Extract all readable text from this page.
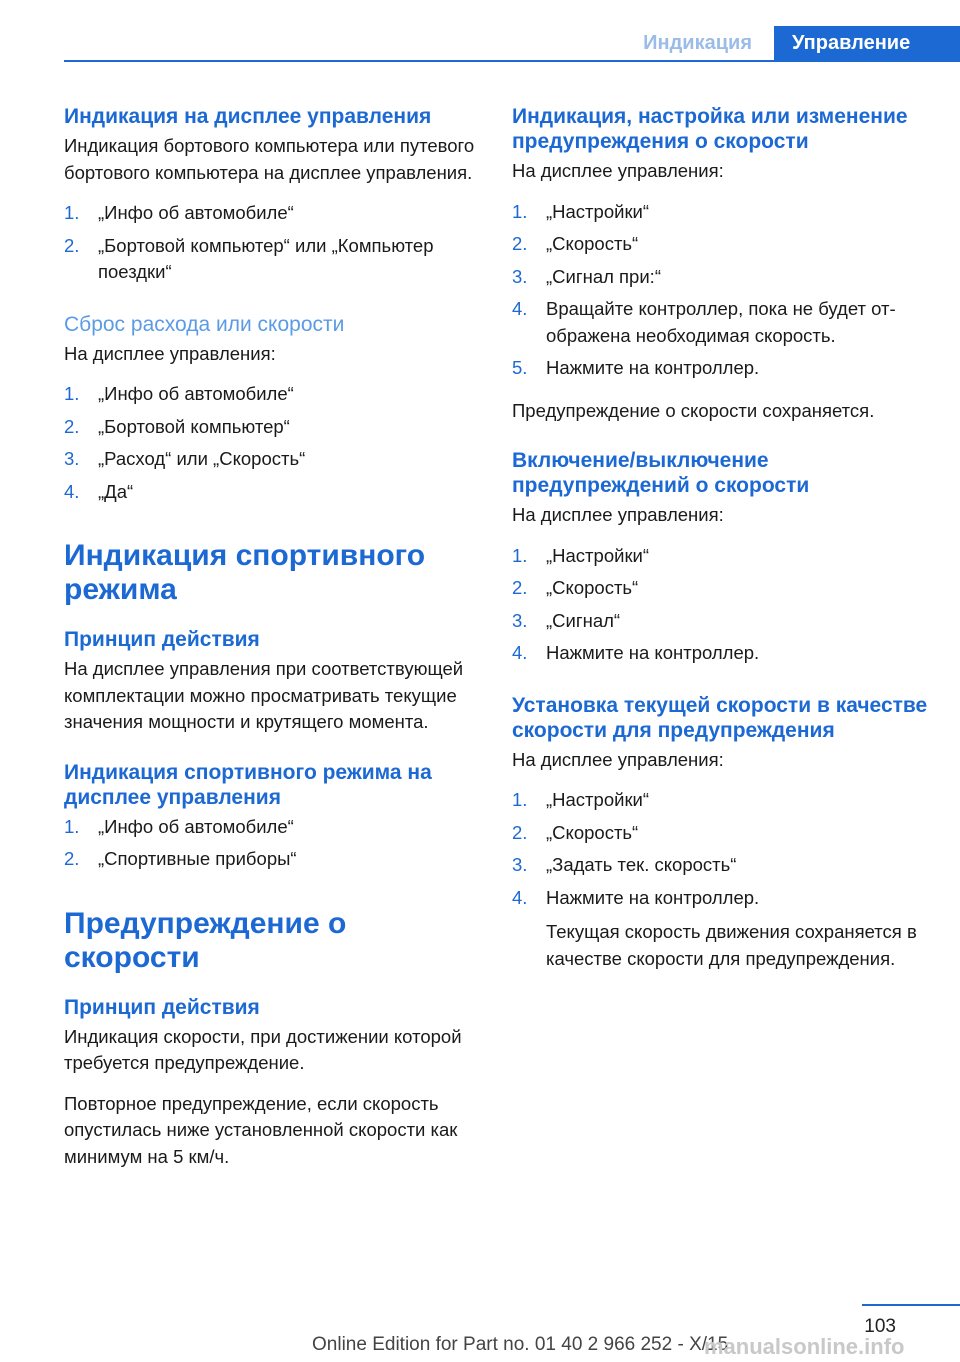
Индикация	Управление
Индикация на дисплее управления

Индикация бортового компьютера или путевого бортового компьютера на дисплее управления.

1. „Инфо об автомобиле“
2. „Бортовой компьютер“ или „Компьютер поездки“
Сброс расхода или скорости

На дисплее управления:

1. „Инфо об автомобиле“
2. „Бортовой компьютер“
3. „Расход“ или „Скорость“
4. „Да“
Индикация спортивного режима
Принцип действия

На дисплее управления при соответствующей комплектации можно просматривать текущие значения мощности и крутящего момента.

Индикация спортивного режима на дисплее управления
1. „Инфо об автомобиле“
2. „Спортивные приборы“
Предупреждение о скорости
Принцип действия

Индикация скорости, при достижении которой требуется предупреждение.

Повторное предупреждение, если скорость опустилась ниже установленной скорости как минимум на 5 км/ч.

Индикация, настройка или изменение предупреждения о скорости

На дисплее управления:

1. „Настройки“
2. „Скорость“
3. „Сигнал при:“
4. Вращайте контроллер, пока не будет отображена необходимая скорость.
5. Нажмите на контроллер.

Предупреждение о скорости сохраняется.

Включение/выключение предупреждений о скорости

На дисплее управления:

1. „Настройки“
2. „Скорость“
3. „Сигнал“
4. Нажмите на контроллер.
Установка текущей скорости в качестве скорости для предупреждения

На дисплее управления:

1. „Настройки“
2. „Скорость“
3. „Задать тек. скорость“
4. Нажмите на контроллер.
Текущая скорость движения сохраняется в качестве скорости для предупреждения.
103
Online Edition for Part no. 01 40 2 966 252 - X/15
manualsonline.info
